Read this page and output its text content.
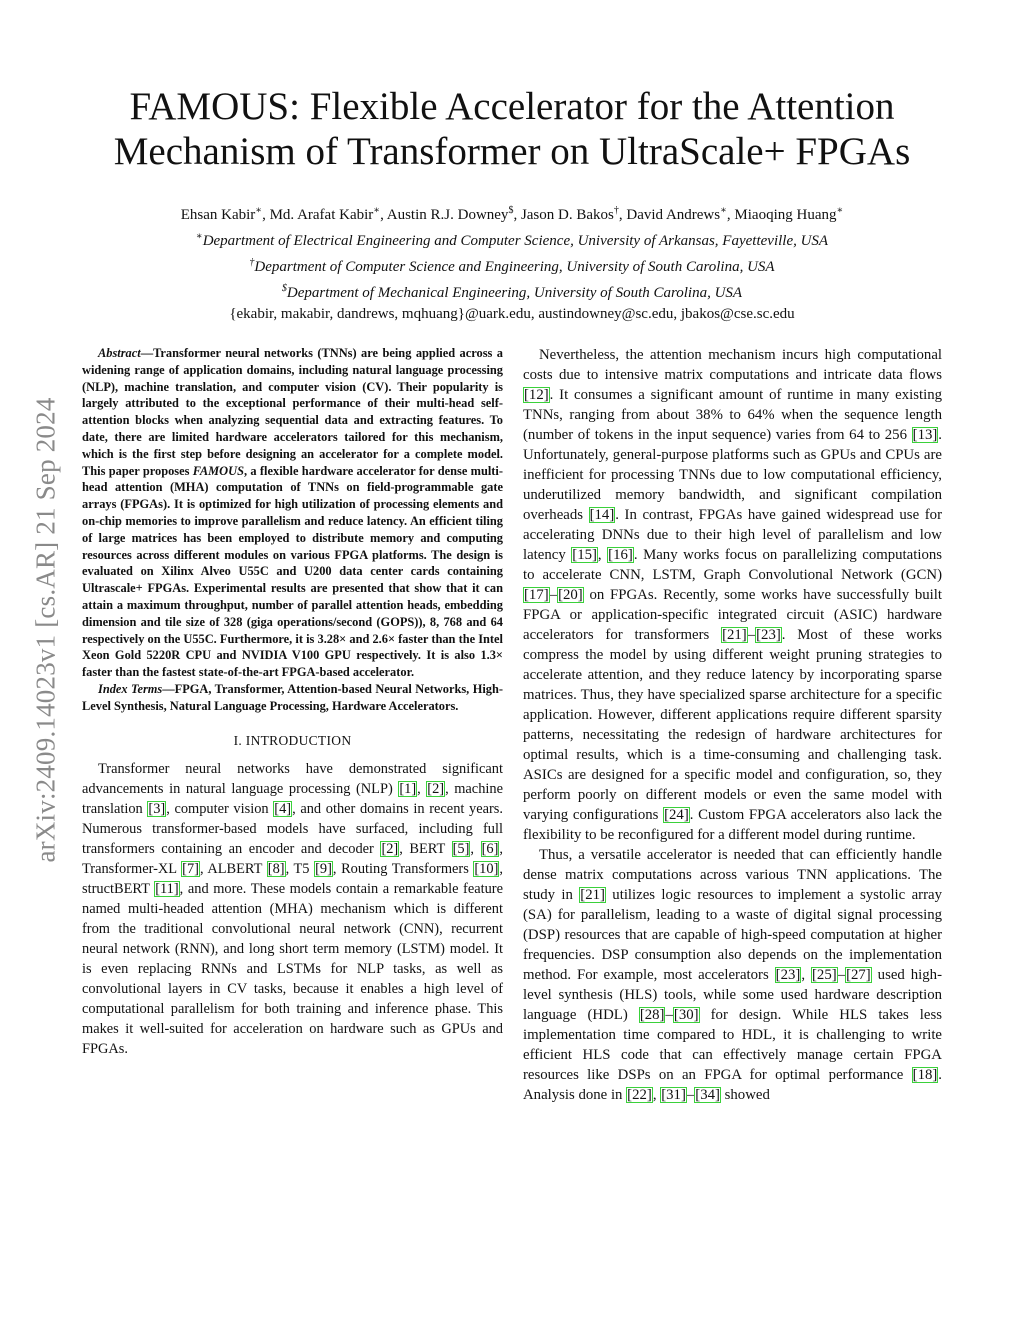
arXiv:2409.14023v1 [cs.AR] 21 Sep 2024
FAMOUS: Flexible Accelerator for the Attention
Mechanism of Transformer on UltraScale+ FPGAs
Ehsan Kabir∗, Md. Arafat Kabir∗, Austin R.J. Downey$, Jason D. Bakos†, David Andrews∗, Miaoqing Huang∗
∗Department of Electrical Engineering and Computer Science, University of Arkansas, Fayetteville, USA
†Department of Computer Science and Engineering, University of South Carolina, USA
$Department of Mechanical Engineering, University of South Carolina, USA
{ekabir, makabir, dandrews, mqhuang}@uark.edu, austindowney@sc.edu, jbakos@cse.sc.edu

Abstract—Transformer neural networks (TNNs) are being applied across a widening range of application domains, including natural language processing (NLP), machine translation, and computer vision (CV). Their popularity is largely attributed to the exceptional performance of their multi-head self-attention blocks when analyzing sequential data and extracting features. To date, there are limited hardware accelerators tailored for this mechanism, which is the first step before designing an accelerator for a complete model. This paper proposes FAMOUS, a flexible hardware accelerator for dense multi-head attention (MHA) computation of TNNs on field-programmable gate arrays (FPGAs). It is optimized for high utilization of processing elements and on-chip memories to improve parallelism and reduce latency. An efficient tiling of large matrices has been employed to distribute memory and computing resources across different modules on various FPGA platforms. The design is evaluated on Xilinx Alveo U55C and U200 data center cards containing Ultrascale+ FPGAs. Experimental results are presented that show that it can attain a maximum throughput, number of parallel attention heads, embedding dimension and tile size of 328 (giga operations/second (GOPS)), 8, 768 and 64 respectively on the U55C. Furthermore, it is 3.28× and 2.6× faster than the Intel Xeon Gold 5220R CPU and NVIDIA V100 GPU respectively. It is also 1.3× faster than the fastest state-of-the-art FPGA-based accelerator.

Index Terms—FPGA, Transformer, Attention-based Neural Networks, High-Level Synthesis, Natural Language Processing, Hardware Accelerators.

I. INTRODUCTION

Transformer neural networks have demonstrated significant advancements in natural language processing (NLP) [1], [2], machine translation [3], computer vision [4], and other domains in recent years. Numerous transformer-based models have surfaced, including full transformers containing an encoder and decoder [2], BERT [5], [6], Transformer-XL [7], ALBERT [8], T5 [9], Routing Transformers [10], structBERT [11], and more. These models contain a remarkable feature named multi-headed attention (MHA) mechanism which is different from the traditional convolutional neural network (CNN), recurrent neural network (RNN), and long short term memory (LSTM) model. It is even replacing RNNs and LSTMs for NLP tasks, as well as convolutional layers in CV tasks, because it enables a high level of computational parallelism for both training and inference phase. This makes it well-suited for acceleration on hardware such as GPUs and FPGAs.

Nevertheless, the attention mechanism incurs high computational costs due to intensive matrix computations and intricate data flows [12]. It consumes a significant amount of runtime in many existing TNNs, ranging from about 38% to 64% when the sequence length (number of tokens in the input sequence) varies from 64 to 256 [13]. Unfortunately, general-purpose platforms such as GPUs and CPUs are inefficient for processing TNNs due to low computational efficiency, underutilized memory bandwidth, and significant compilation overheads [14]. In contrast, FPGAs have gained widespread use for accelerating DNNs due to their high level of parallelism and low latency [15], [16]. Many works focus on parallelizing computations to accelerate CNN, LSTM, Graph Convolutional Network (GCN) [17]–[20] on FPGAs. Recently, some works have successfully built FPGA or application-specific integrated circuit (ASIC) hardware accelerators for transformers [21]–[23]. Most of these works compress the model by using different weight pruning strategies to accelerate attention, and they reduce latency by incorporating sparse matrices. Thus, they have specialized sparse architecture for a specific application. However, different applications require different sparsity patterns, necessitating the redesign of hardware architectures for optimal results, which is a time-consuming and challenging task. ASICs are designed for a specific model and configuration, so, they perform poorly on different models or even the same model with varying configurations [24]. Custom FPGA accelerators also lack the flexibility to be reconfigured for a different model during runtime.

Thus, a versatile accelerator is needed that can efficiently handle dense matrix computations across various TNN applications. The study in [21] utilizes logic resources to implement a systolic array (SA) for parallelism, leading to a waste of digital signal processing (DSP) resources that are capable of high-speed computation at higher frequencies. DSP consumption also depends on the implementation method. For example, most accelerators [23], [25]–[27] used high-level synthesis (HLS) tools, while some used hardware description language (HDL) [28]–[30] for design. While HLS takes less implementation time compared to HDL, it is challenging to write efficient HLS code that can effectively manage certain FPGA resources like DSPs on an FPGA for optimal performance [18]. Analysis done in [22], [31]–[34] showed
